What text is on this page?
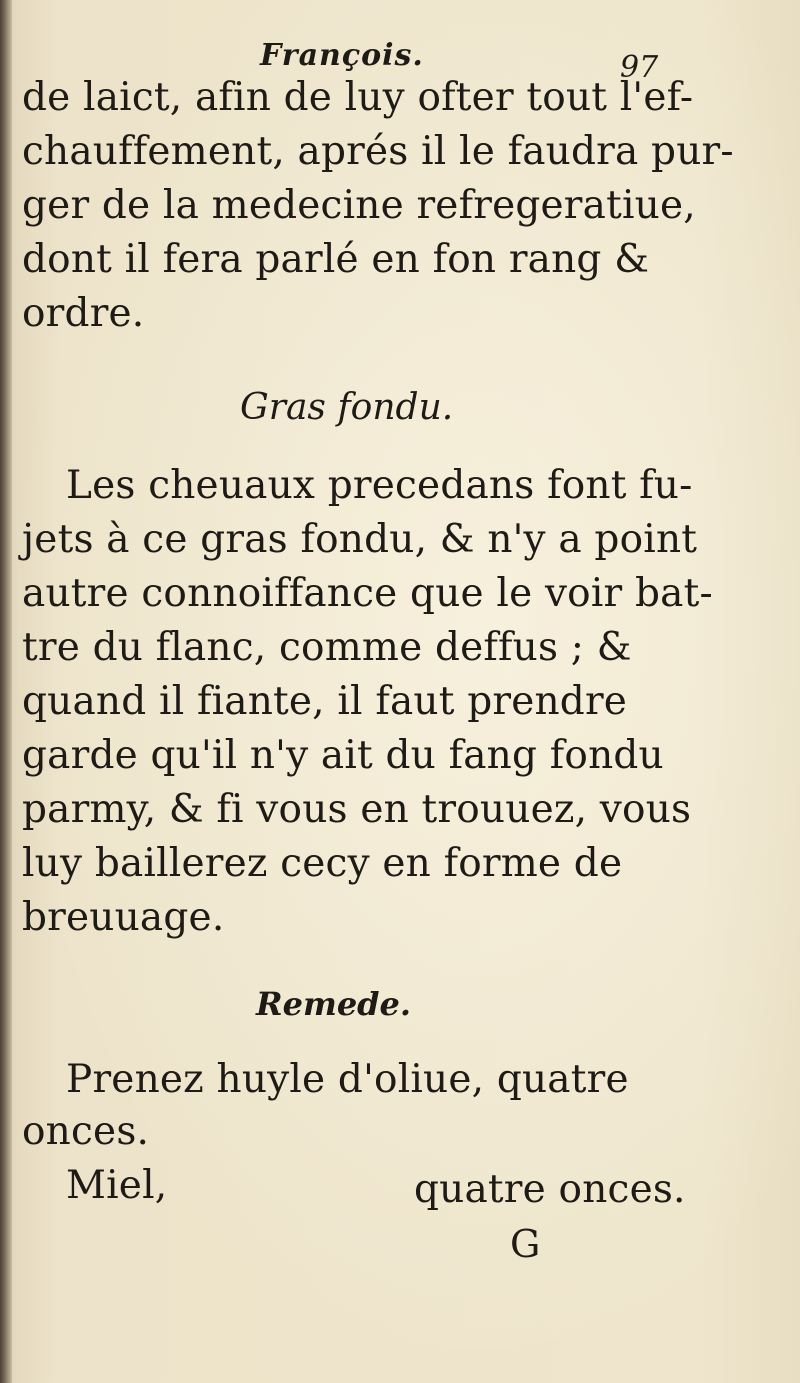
François.	97
de laict, afin de luy ofter tout l'ef-
chauffement, aprés il le faudra pur-
ger de la medecine refregeratiue,
dont il fera parlé en fon rang &
ordre.
Gras fondu.
Les cheuaux precedans font fu-
jets à ce gras fondu, & n'y a point
autre connoiffance que le voir bat-
tre du flanc, comme deffus ; &
quand il fiante, il faut prendre
garde qu'il n'y ait du fang fondu
parmy, & fi vous en trouuez, vous
luy baillerez cecy en forme de
breuuage.
Remede.
Prenez huyle d'oliue, quatre
onces.
Miel,	quatre onces.
G
